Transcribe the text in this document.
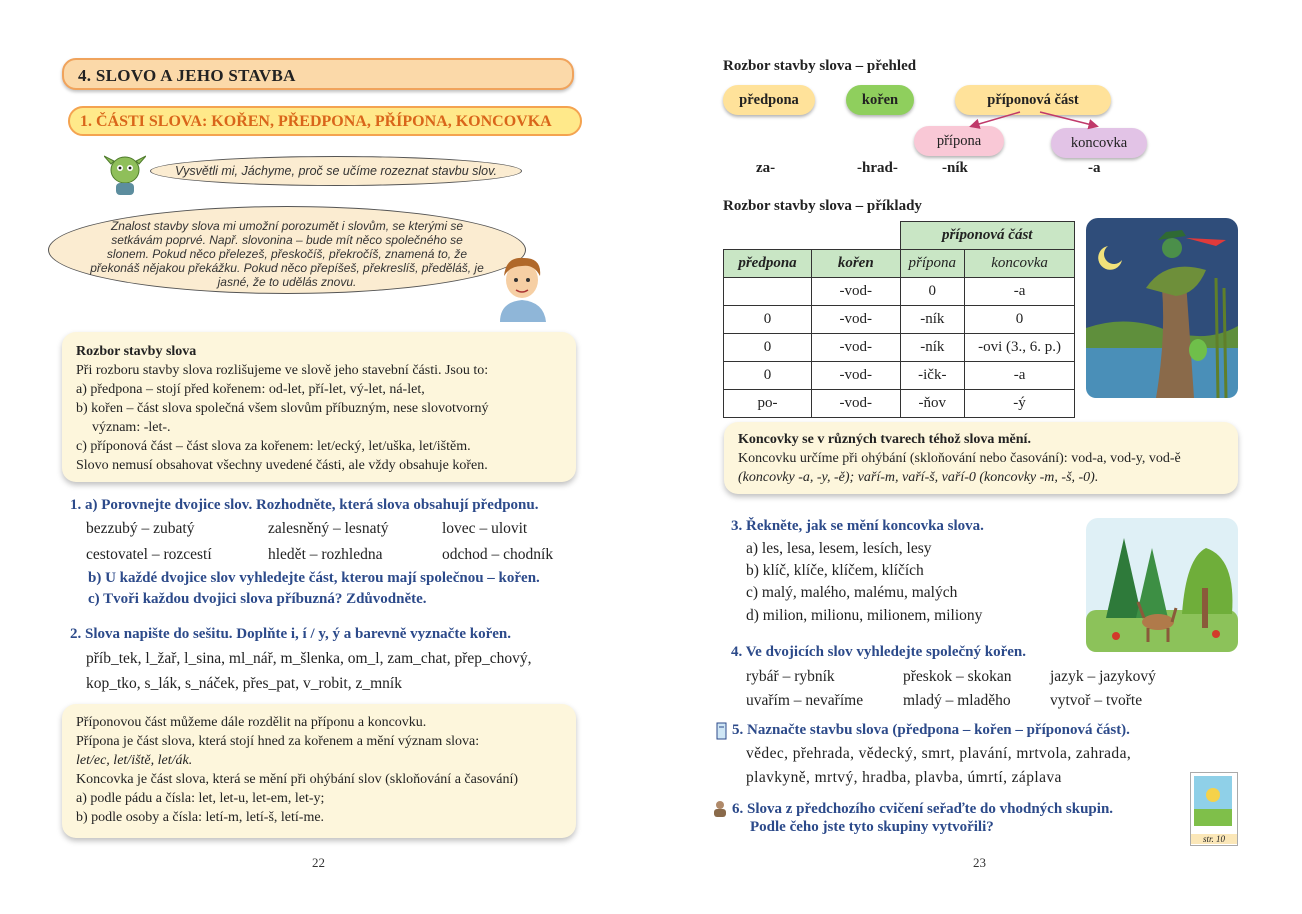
4. SLOVO A JEHO STAVBA
1. ČÁSTI SLOVA: KOŘEN, PŘEDPONA, PŘÍPONA, KONCOVKA
Vysvětli mi, Jáchyme, proč se učíme rozeznat stavbu slov.
Znalost stavby slova mi umožní porozumět i slovům, se kterými se setkávám poprvé. Např. slovonina – bude mít něco společného se slonem. Pokud něco přelezeš, přeskočíš, překročíš, znamená to, že překonáš nějakou překážku. Pokud něco přepíšeš, překreslíš, předěláš, je jasné, že to udělás znovu.
Rozbor stavby slova
Při rozboru stavby slova rozlišujeme ve slově jeho stavební části. Jsou to:
a) předpona – stojí před kořenem: od-let, pří-let, vý-let, ná-let,
b) kořen – část slova společná všem slovům příbuzným, nese slovotvorný
význam: -let-.
c) příponová část – část slova za kořenem: let/ecký, let/uška, let/ištěm.
Slovo nemusí obsahovat všechny uvedené části, ale vždy obsahuje kořen.
1. a) Porovnejte dvojice slov. Rozhodněte, která slova obsahují předponu.
bezzubý – zubatý	zalesněný – lesnatý	lovec – ulovit
cestovatel – rozcestí	hledět – rozhledna	odchod – chodník
b) U každé dvojice slov vyhledejte část, kterou mají společnou – kořen.
c) Tvoři každou dvojici slova příbuzná? Zdůvodněte.
2. Slova napište do sešitu. Doplňte i, í / y, ý a barevně vyznačte kořen.
příb_tek, l_žař, l_sina, ml_nář, m_šlenka, om_l, zam_chat, přep_chový,
kop_tko, s_lák, s_náček, přes_pat, v_robit, z_mník
Příponovou část můžeme dále rozdělit na příponu a koncovku.
Přípona je část slova, která stojí hned za kořenem a mění význam slova:
let/ec, let/iště, let/ák.
Koncovka je část slova, která se mění při ohýbání slov (skloňování a časování)
a) podle pádu a čísla: let, let-u, let-em, let-y;
b) podle osoby a čísla: letí-m, letí-š, letí-me.
22
Rozbor stavby slova – přehled
předpona	kořen	příponová část
přípona	koncovka
za-	-hrad-	-ník	-a
Rozbor stavby slova – příklady
		příponová část	
předpona	kořen	přípona	koncovka
	-vod-	0	-a
0	-vod-	-ník	0
0	-vod-	-ník	-ovi (3., 6. p.)
0	-vod-	-ičk-	-a
po-	-vod-	-ňov	-ý
Koncovky se v různých tvarech téhož slova mění.
Koncovku určíme při ohýbání (skloňování nebo časování): vod-a, vod-y, vod-ě
(koncovky -a, -y, -ě); vaří-m, vaří-š, vaří-0 (koncovky -m, -š, -0).
3. Řekněte, jak se mění koncovka slova.
a) les, lesa, lesem, lesích, lesy
b) klíč, klíče, klíčem, klíčích
c) malý, malého, malému, malých
d) milion, milionu, milionem, miliony
4. Ve dvojicích slov vyhledejte společný kořen.
rybář – rybník	přeskok – skokan jazyk – jazykový
uvařím – nevaříme	mladý – mladěho	vytvoř – tvořte
5. Naznačte stavbu slova (předpona – kořen – příponová část).
vědec, přehrada, vědecký, smrt, plavání, mrtvola, zahrada,
plavkyně, mrtvý, hradba, plavba, úmrtí, záplava
6. Slova z předchozího cvičení seřaďte do vhodných skupin.
Podle čeho jste tyto skupiny vytvořili?
str. 10
23
